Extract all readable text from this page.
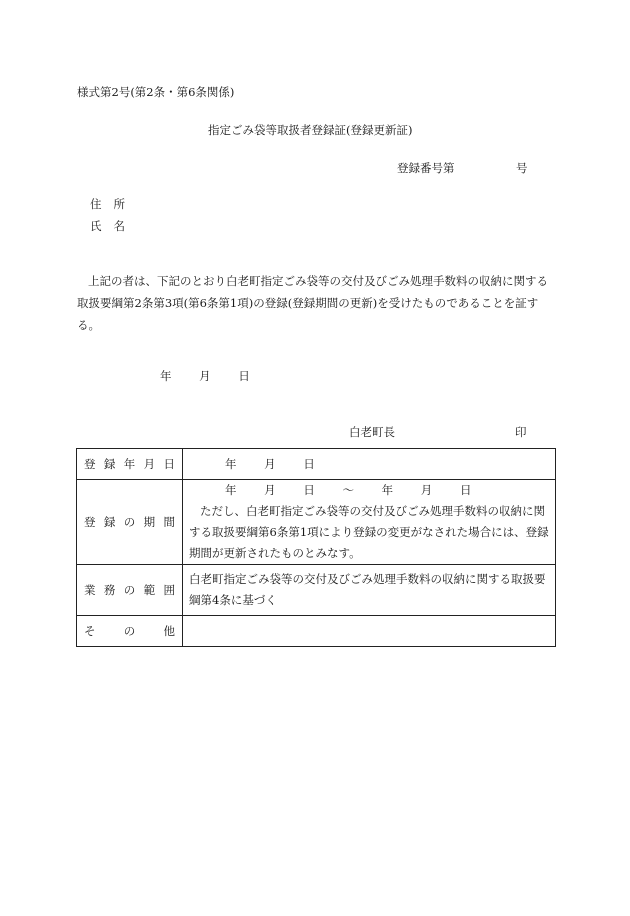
様式第2号(第2条・第6条関係)
指定ごみ袋等取扱者登録証(登録更新証)
登録番号第	号
住所
氏名
上記の者は、下記のとおり白老町指定ごみ袋等の交付及びごみ処理手数料の収納に関する取扱要綱第2条第3項(第6条第1項)の登録(登録期間の更新)を受けたものであることを証する。
年 月 日
白老町長	印
登録年月日	年 月 日
登録の期間	年 月 日 〜 年 月 日
ただし、白老町指定ごみ袋等の交付及びごみ処理手数料の収納に関する取扱要綱第6条第1項により登録の変更がなされた場合には、登録期間が更新されたものとみなす。

業務の範囲	白老町指定ごみ袋等の交付及びごみ処理手数料の収納に関する取扱要綱第4条に基づく
その他	
